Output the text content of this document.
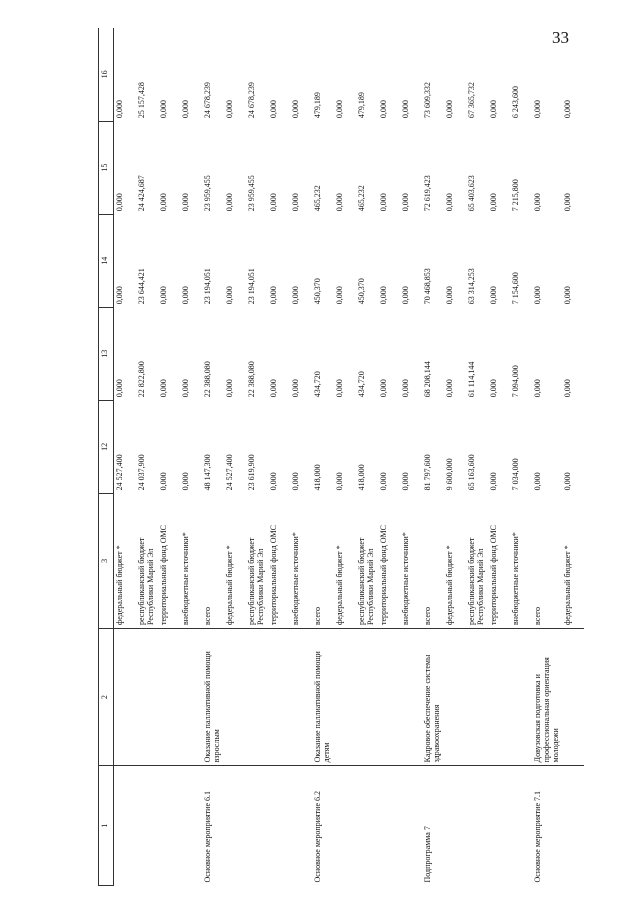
33
1	2	3	12	13	14	15	16
		федеральный бюджет *	24 527,400	0,000	0,000	0,000	0,000
		республиканский бюджет Республики Марий Эл	24 037,900	22 822,800	23 644,421	24 424,687	25 157,428
		территориальный фонд ОМС	0,000	0,000	0,000	0,000	0,000
		внебюджетные источники*	0,000	0,000	0,000	0,000	0,000
Основное мероприятие 6.1	Оказание паллиативной помощи взрослым	всего	48 147,300	22 388,080	23 194,051	23 959,455	24 678,239
		федеральный бюджет *	24 527,400	0,000	0,000	0,000	0,000
		республиканский бюджет Республики Марий Эл	23 619,900	22 388,080	23 194,051	23 959,455	24 678,239
		территориальный фонд ОМС	0,000	0,000	0,000	0,000	0,000
		внебюджетные источники*	0,000	0,000	0,000	0,000	0,000
Основное мероприятие 6.2	Оказание паллиативной помощи детям	всего	418,000	434,720	450,370	465,232	479,189
		федеральный бюджет *	0,000	0,000	0,000	0,000	0,000
		республиканский бюджет Республики Марий Эл	418,000	434,720	450,370	465,232	479,189
		территориальный фонд ОМС	0,000	0,000	0,000	0,000	0,000
		внебюджетные источники*	0,000	0,000	0,000	0,000	0,000
Подпрограмма 7	Кадровое обеспечение системы здравоохранения	всего	81 797,600	68 208,144	70 468,853	72 619,423	73 609,332
		федеральный бюджет *	9 600,000	0,000	0,000	0,000	0,000
		республиканский бюджет Республики Марий Эл	65 163,600	61 114,144	63 314,253	65 403,623	67 365,732
		территориальный фонд ОМС	0,000	0,000	0,000	0,000	0,000
		внебюджетные источники*	7 034,000	7 094,000	7 154,600	7 215,800	6 243,600
Основное мероприятие 7.1	Довузовская подготовка и профессиональная ориентация молодежи	всего	0,000	0,000	0,000	0,000	0,000
		федеральный бюджет *	0,000	0,000	0,000	0,000	0,000
